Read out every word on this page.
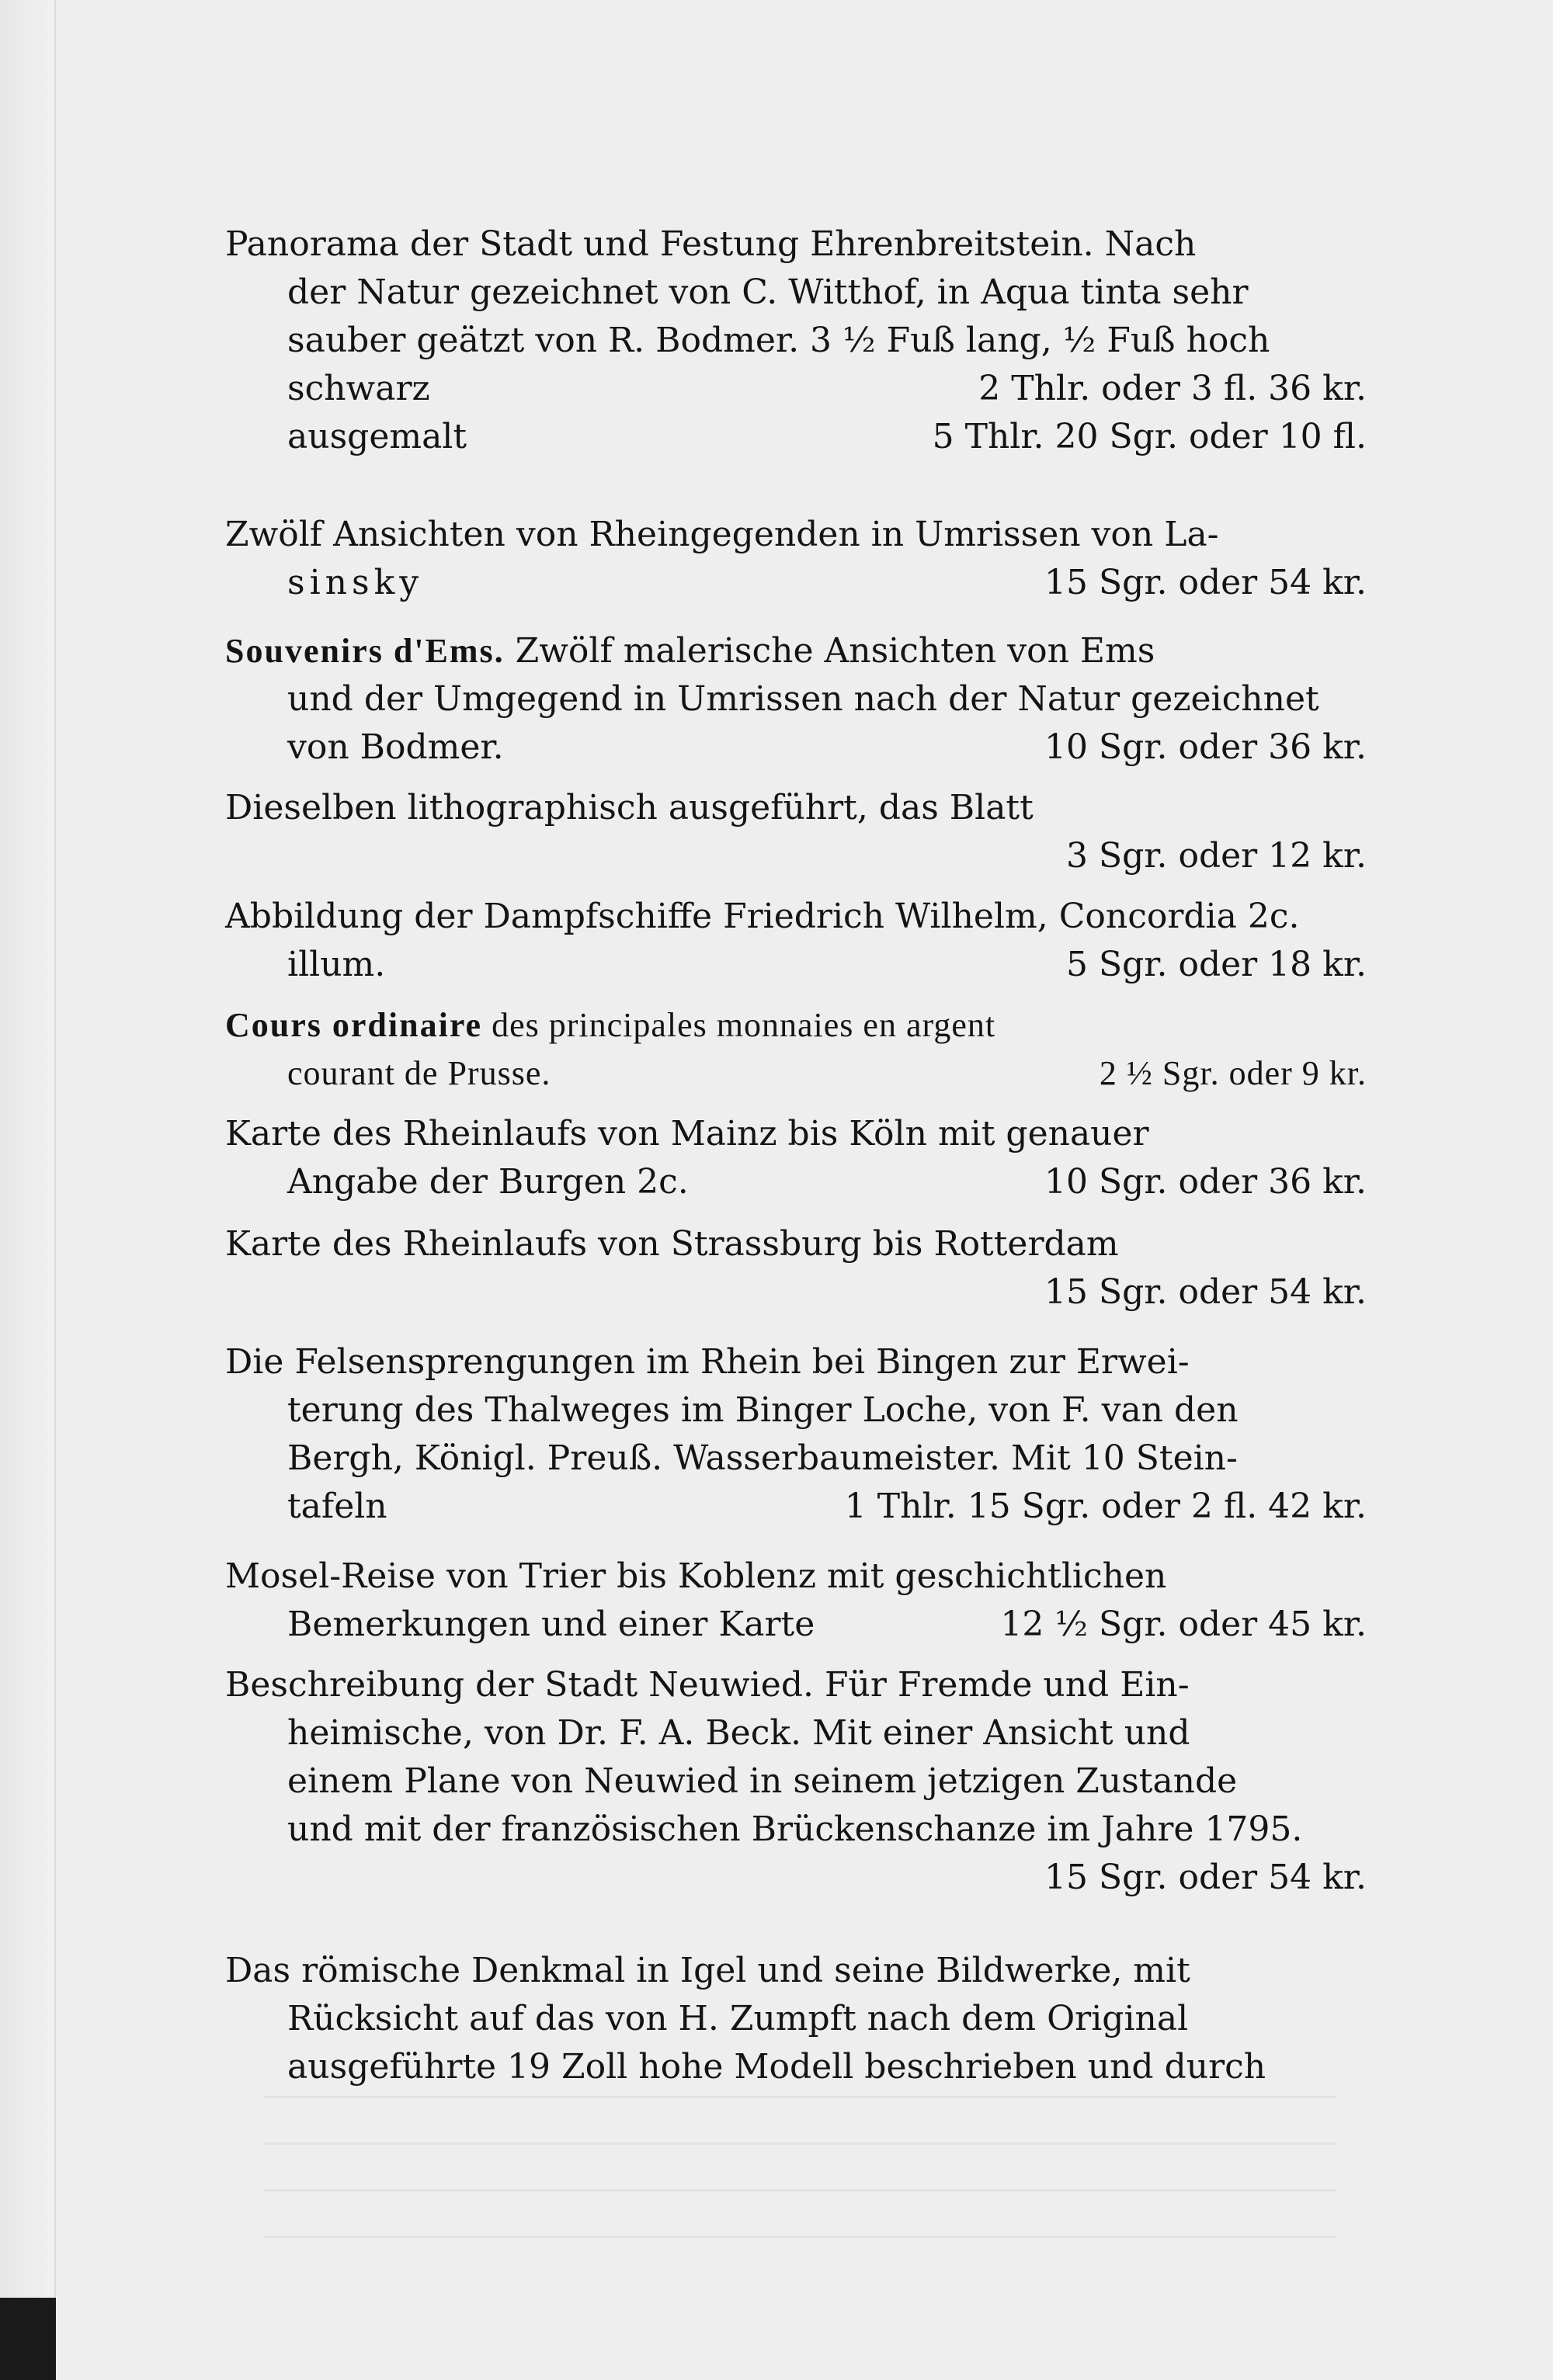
Panorama der Stadt und Festung Ehrenbreitstein. Nach
der Natur gezeichnet von C. Witthof, in Aqua tinta sehr
sauber geätzt von R. Bodmer. 3 ½ Fuß lang, ½ Fuß hoch
schwarz	2 Thlr. oder 3 fl. 36 kr.
ausgemalt	5 Thlr. 20 Sgr. oder 10 fl.
Zwölf Ansichten von Rheingegenden in Umrissen von La-
sinsky	15 Sgr. oder 54 kr.
Souvenirs d'Ems. Zwölf malerische Ansichten von Ems
und der Umgegend in Umrissen nach der Natur gezeichnet
von Bodmer.	10 Sgr. oder 36 kr.
Dieselben lithographisch ausgeführt, das Blatt
3 Sgr. oder 12 kr.
Abbildung der Dampfschiffe Friedrich Wilhelm, Concordia 2c.
illum.	5 Sgr. oder 18 kr.
Cours ordinaire des principales monnaies en argent
courant de Prusse.	2 ½ Sgr. oder 9 kr.
Karte des Rheinlaufs von Mainz bis Köln mit genauer
Angabe der Burgen 2c.	10 Sgr. oder 36 kr.
Karte des Rheinlaufs von Strassburg bis Rotterdam
15 Sgr. oder 54 kr.
Die Felsensprengungen im Rhein bei Bingen zur Erwei-
terung des Thalweges im Binger Loche, von F. van den
Bergh, Königl. Preuß. Wasserbaumeister. Mit 10 Stein-
tafeln	1 Thlr. 15 Sgr. oder 2 fl. 42 kr.
Mosel-Reise von Trier bis Koblenz mit geschichtlichen
Bemerkungen und einer Karte	12 ½ Sgr. oder 45 kr.
Beschreibung der Stadt Neuwied. Für Fremde und Ein-
heimische, von Dr. F. A. Beck. Mit einer Ansicht und
einem Plane von Neuwied in seinem jetzigen Zustande
und mit der französischen Brückenschanze im Jahre 1795.
15 Sgr. oder 54 kr.
Das römische Denkmal in Igel und seine Bildwerke, mit
Rücksicht auf das von H. Zumpft nach dem Original
ausgeführte 19 Zoll hohe Modell beschrieben und durch
